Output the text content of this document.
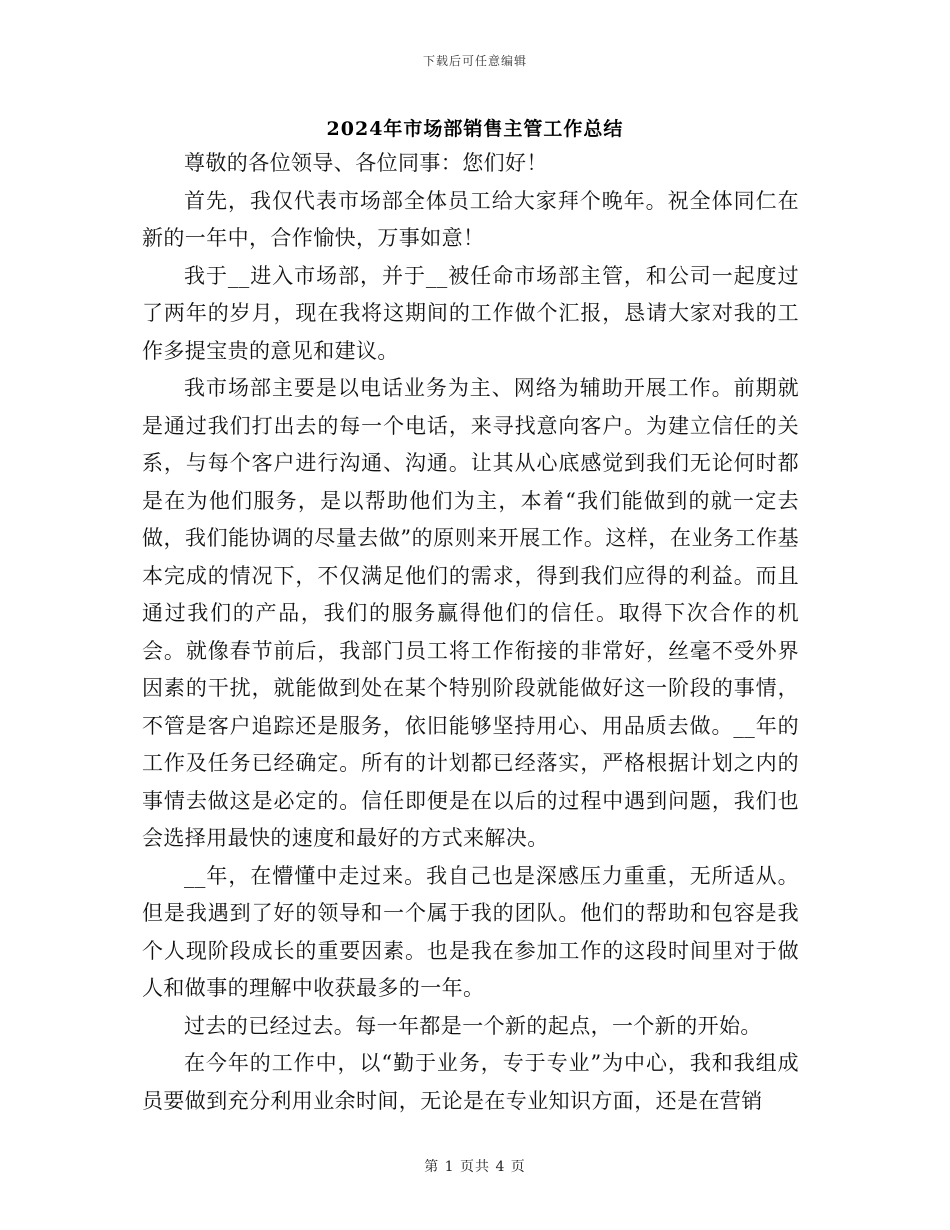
下载后可任意编辑
2024年市场部销售主管工作总结

尊敬的各位领导、各位同事：您们好！

首先，我仅代表市场部全体员工给大家拜个晚年。祝全体同仁在新的一年中，合作愉快，万事如意！

我于__进入市场部，并于__被任命市场部主管，和公司一起度过了两年的岁月，现在我将这期间的工作做个汇报，恳请大家对我的工作多提宝贵的意见和建议。

我市场部主要是以电话业务为主、网络为辅助开展工作。前期就是通过我们打出去的每一个电话，来寻找意向客户。为建立信任的关系，与每个客户进行沟通、沟通。让其从心底感觉到我们无论何时都是在为他们服务，是以帮助他们为主，本着“我们能做到的就一定去做，我们能协调的尽量去做”的原则来开展工作。这样，在业务工作基本完成的情况下，不仅满足他们的需求，得到我们应得的利益。而且通过我们的产品，我们的服务赢得他们的信任。取得下次合作的机会。就像春节前后，我部门员工将工作衔接的非常好，丝毫不受外界因素的干扰，就能做到处在某个特别阶段就能做好这一阶段的事情，不管是客户追踪还是服务，依旧能够坚持用心、用品质去做。__年的工作及任务已经确定。所有的计划都已经落实，严格根据计划之内的事情去做这是必定的。信任即便是在以后的过程中遇到问题，我们也会选择用最快的速度和最好的方式来解决。

__年，在懵懂中走过来。我自己也是深感压力重重，无所适从。但是我遇到了好的领导和一个属于我的团队。他们的帮助和包容是我个人现阶段成长的重要因素。也是我在参加工作的这段时间里对于做人和做事的理解中收获最多的一年。

过去的已经过去。每一年都是一个新的起点，一个新的开始。

在今年的工作中，以“勤于业务，专于专业”为中心，我和我组成员要做到充分利用业余时间，无论是在专业知识方面，还是在营销

第 1 页共 4 页
